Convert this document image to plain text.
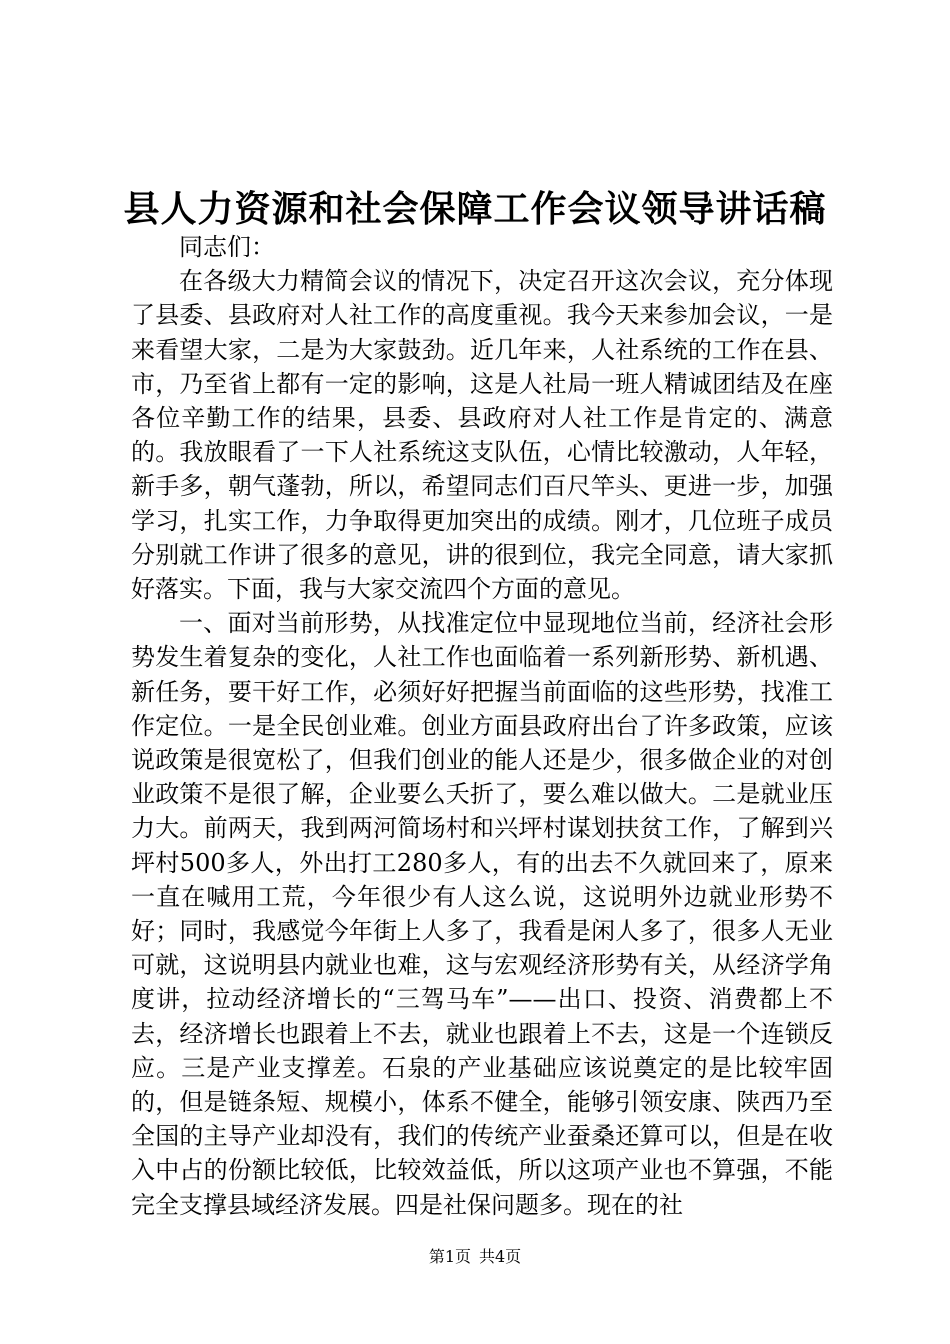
县人力资源和社会保障工作会议领导讲话稿

同志们：

在各级大力精简会议的情况下，决定召开这次会议，充分体现了县委、县政府对人社工作的高度重视。我今天来参加会议，一是来看望大家，二是为大家鼓劲。近几年来，人社系统的工作在县、市，乃至省上都有一定的影响，这是人社局一班人精诚团结及在座各位辛勤工作的结果，县委、县政府对人社工作是肯定的、满意的。我放眼看了一下人社系统这支队伍，心情比较激动，人年轻，新手多，朝气蓬勃，所以，希望同志们百尺竿头、更进一步，加强学习，扎实工作，力争取得更加突出的成绩。刚才，几位班子成员分别就工作讲了很多的意见，讲的很到位，我完全同意，请大家抓好落实。下面，我与大家交流四个方面的意见。

一、面对当前形势，从找准定位中显现地位当前，经济社会形势发生着复杂的变化，人社工作也面临着一系列新形势、新机遇、新任务，要干好工作，必须好好把握当前面临的这些形势，找准工作定位。一是全民创业难。创业方面县政府出台了许多政策，应该说政策是很宽松了，但我们创业的能人还是少，很多做企业的对创业政策不是很了解，企业要么夭折了，要么难以做大。二是就业压力大。前两天，我到两河简场村和兴坪村谋划扶贫工作，了解到兴坪村500多人，外出打工280多人，有的出去不久就回来了，原来一直在喊用工荒，今年很少有人这么说，这说明外边就业形势不好；同时，我感觉今年街上人多了，我看是闲人多了，很多人无业可就，这说明县内就业也难，这与宏观经济形势有关，从经济学角度讲，拉动经济增长的“三驾马车”——出口、投资、消费都上不去，经济增长也跟着上不去，就业也跟着上不去，这是一个连锁反应。三是产业支撑差。石泉的产业基础应该说奠定的是比较牢固的，但是链条短、规模小，体系不健全，能够引领安康、陕西乃至全国的主导产业却没有，我们的传统产业蚕桑还算可以，但是在收入中占的份额比较低，比较效益低，所以这项产业也不算强，不能完全支撑县域经济发展。四是社保问题多。现在的社

第1页 共4页
